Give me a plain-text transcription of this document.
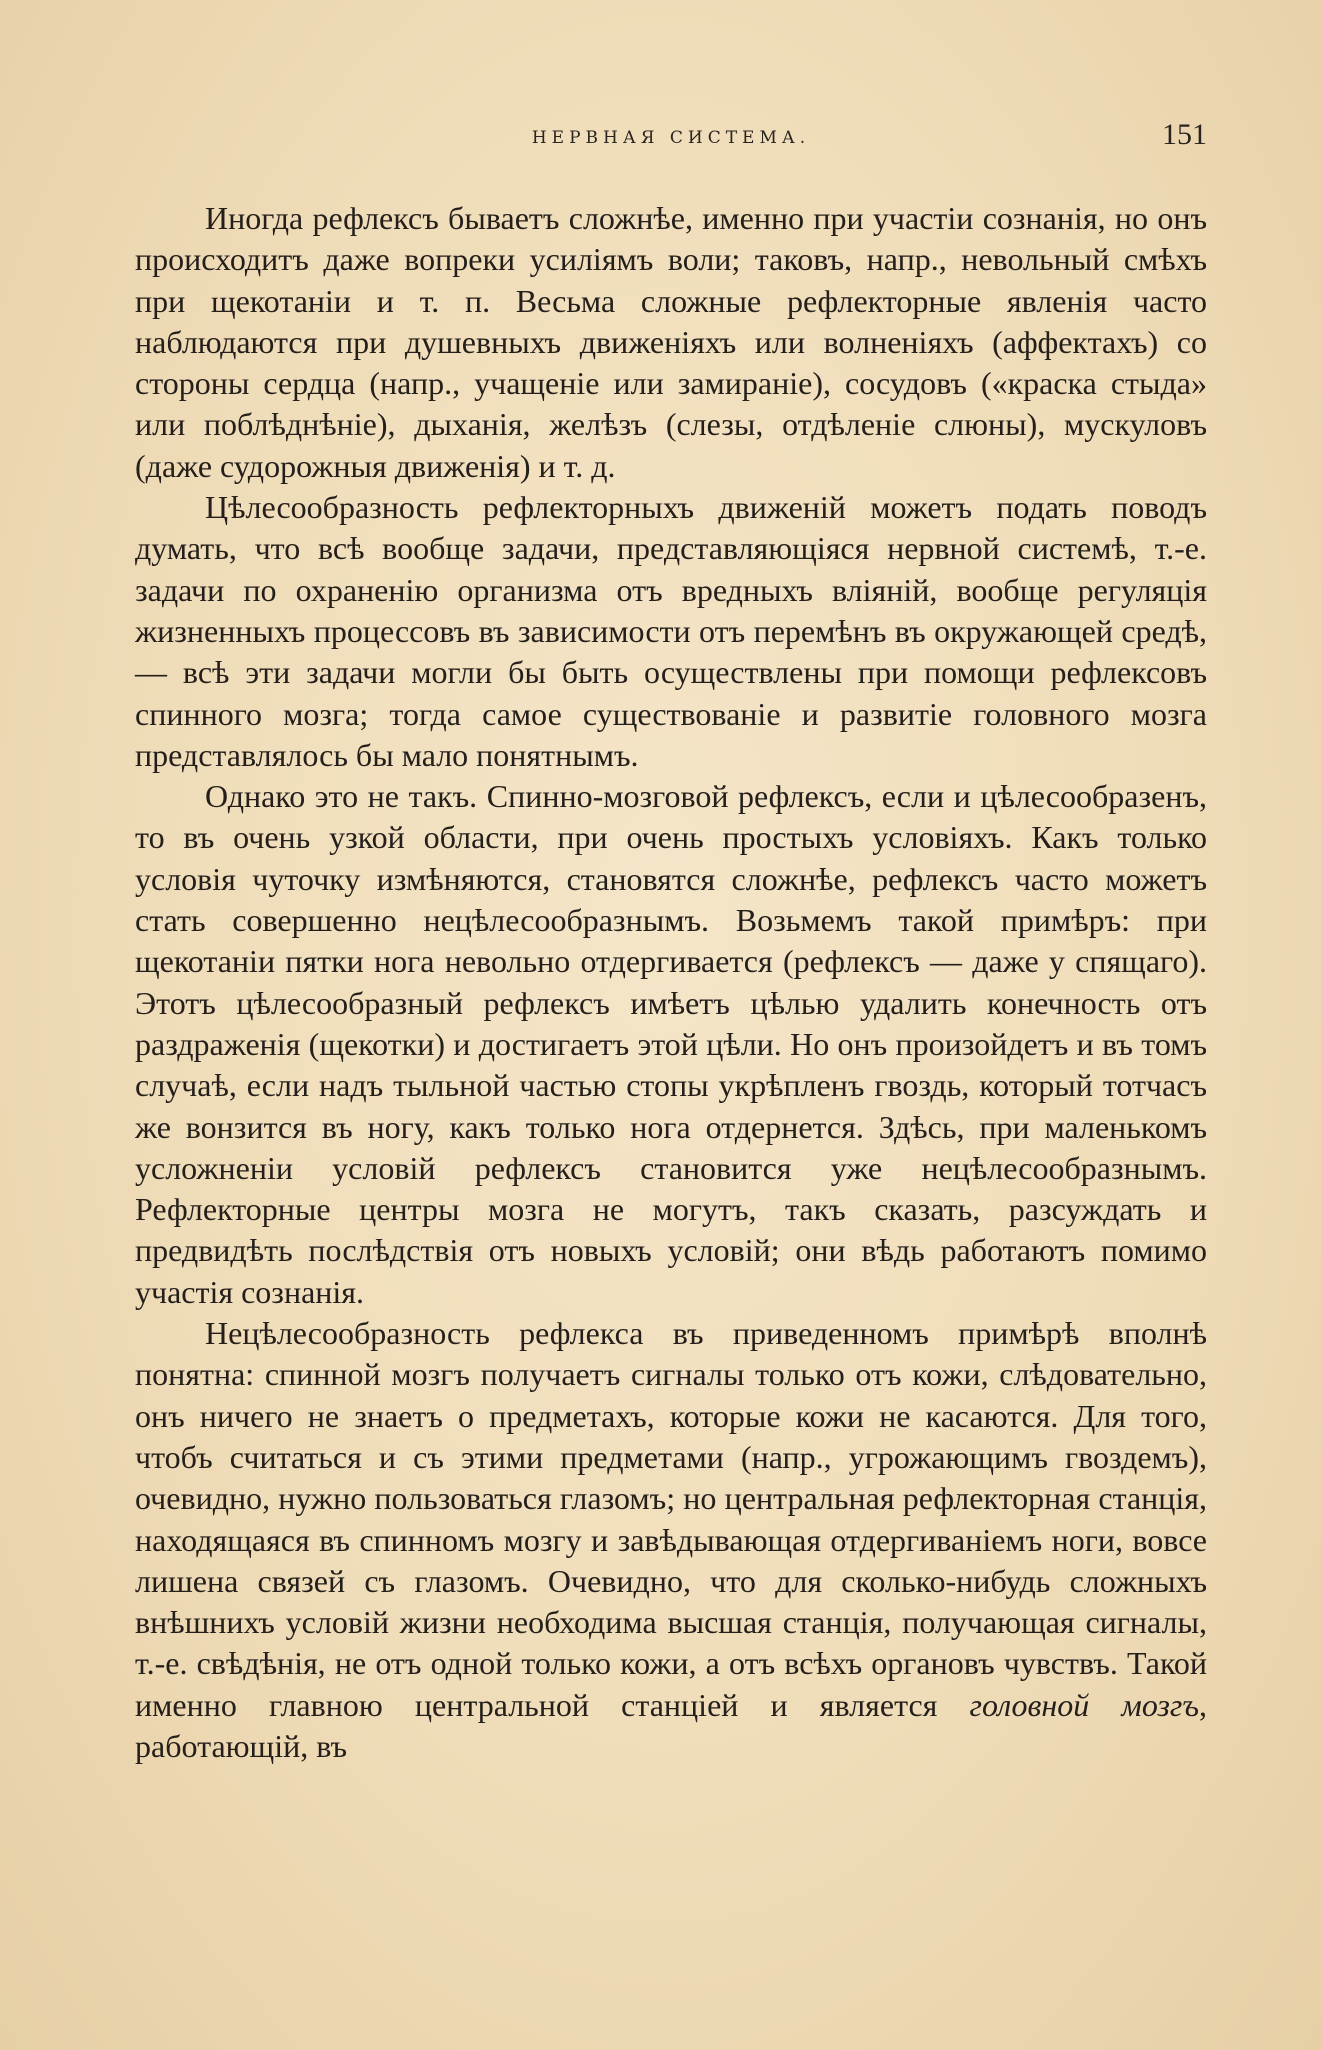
НЕРВНАЯ СИСТЕМА.	151

Иногда рефлексъ бываетъ сложнѣе, именно при участiи сознанiя, но онъ происходитъ даже вопреки усилiямъ воли; таковъ, напр., невольный смѣхъ при щекотанiи и т. п. Весьма сложные рефлекторные явленiя часто наблюдаются при душевныхъ движенiяхъ или волненiяхъ (аффектахъ) со стороны сердца (напр., учащенiе или замиранiе), сосудовъ («краска стыда» или поблѣднѣнiе), дыханiя, желѣзъ (слезы, отдѣленiе слюны), мускуловъ (даже судорожныя движенiя) и т. д.

Цѣлесообразность рефлекторныхъ движенiй можетъ подать поводъ думать, что всѣ вообще задачи, представляющiяся нервной системѣ, т.-е. задачи по охраненiю организма отъ вредныхъ влiянiй, вообще регуляцiя жизненныхъ процессовъ въ зависимости отъ перемѣнъ въ окружающей средѣ, — всѣ эти задачи могли бы быть осуществлены при помощи рефлексовъ спинного мозга; тогда самое существованiе и развитiе головного мозга представлялось бы мало понятнымъ.

Однако это не такъ. Спинно-мозговой рефлексъ, если и цѣлесообразенъ, то въ очень узкой области, при очень простыхъ условiяхъ. Какъ только условiя чуточку измѣняются, становятся сложнѣе, рефлексъ часто можетъ стать совершенно нецѣлесообразнымъ. Возьмемъ такой примѣръ: при щекотанiи пятки нога невольно отдергивается (рефлексъ — даже у спящаго). Этотъ цѣлесообразный рефлексъ имѣетъ цѣлью удалить конечность отъ раздраженiя (щекотки) и достигаетъ этой цѣли. Но онъ произойдетъ и въ томъ случаѣ, если надъ тыльной частью стопы укрѣпленъ гвоздь, который тотчасъ же вонзится въ ногу, какъ только нога отдернется. Здѣсь, при маленькомъ усложненiи условiй рефлексъ становится уже нецѣлесообразнымъ. Рефлекторные центры мозга не могутъ, такъ сказать, разсуждать и предвидѣть послѣдствiя отъ новыхъ условiй; они вѣдь работаютъ помимо участiя сознанiя.

Нецѣлесообразность рефлекса въ приведенномъ примѣрѣ вполнѣ понятна: спинной мозгъ получаетъ сигналы только отъ кожи, слѣдовательно, онъ ничего не знаетъ о предметахъ, которые кожи не касаются. Для того, чтобъ считаться и съ этими предметами (напр., угрожающимъ гвоздемъ), очевидно, нужно пользоваться глазомъ; но центральная рефлекторная станцiя, находящаяся въ спинномъ мозгу и завѣдывающая отдергиванiемъ ноги, вовсе лишена связей съ глазомъ. Очевидно, что для сколько-нибудь сложныхъ внѣшнихъ условiй жизни необходима высшая станцiя, получающая сигналы, т.-е. свѣдѣнiя, не отъ одной только кожи, а отъ всѣхъ органовъ чувствъ. Такой именно главною центральной станцiей и является головной мозгъ, работающiй, въ
